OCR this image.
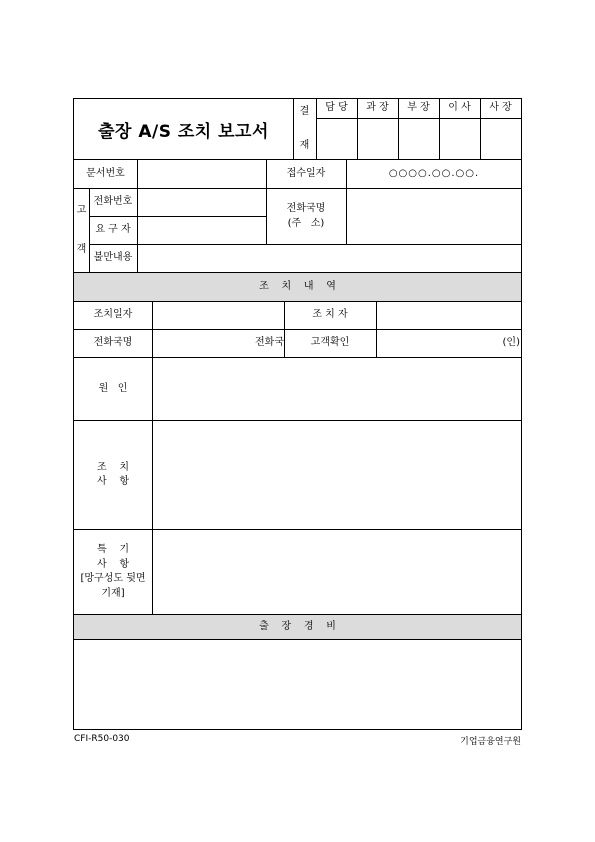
출장 A/S 조치 보고서
결
재
담 당	과 장	부 장	이 사	사 장
문서번호	접수일자	○○○○.○○.○○.
고
객
전화번호
요 구 자
전화국명
(주   소)
불만내용
조    치    내    역
조치일자	조 치 자
전화국명	전화국	고객확인	(인)
원   인
조    치
사    항
특    기
사    항
[망구성도 뒷면
기재]
출    장    경    비
CFI-R50-030	기업금융연구원
